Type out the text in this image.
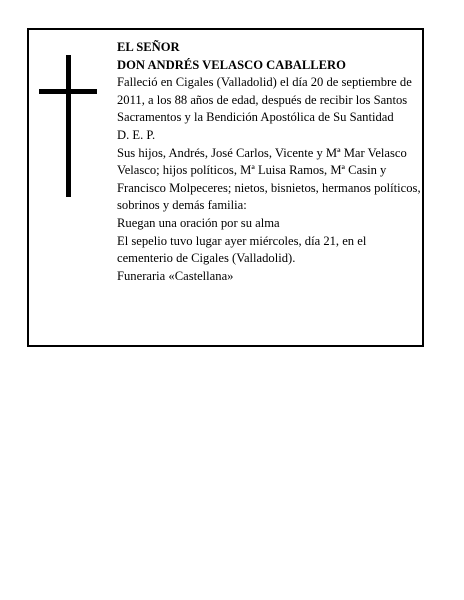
EL SEÑOR

DON ANDRÉS VELASCO CABALLERO

Falleció en Cigales (Valladolid) el día 20 de septiembre de 2011, a los 88 años de edad, después de recibir los Santos Sacramentos y la Bendición Apostólica de Su Santidad

D. E. P.

Sus hijos, Andrés, José Carlos, Vicente y Mª Mar Velasco Velasco; hijos políticos, Mª Luisa Ramos, Mª Casin y Francisco Molpeceres; nietos, bisnietos, hermanos políticos, sobrinos y demás familia:

Ruegan una oración por su alma

El sepelio tuvo lugar ayer miércoles, día 21, en el cementerio de Cigales (Valladolid).

Funeraria «Castellana»
